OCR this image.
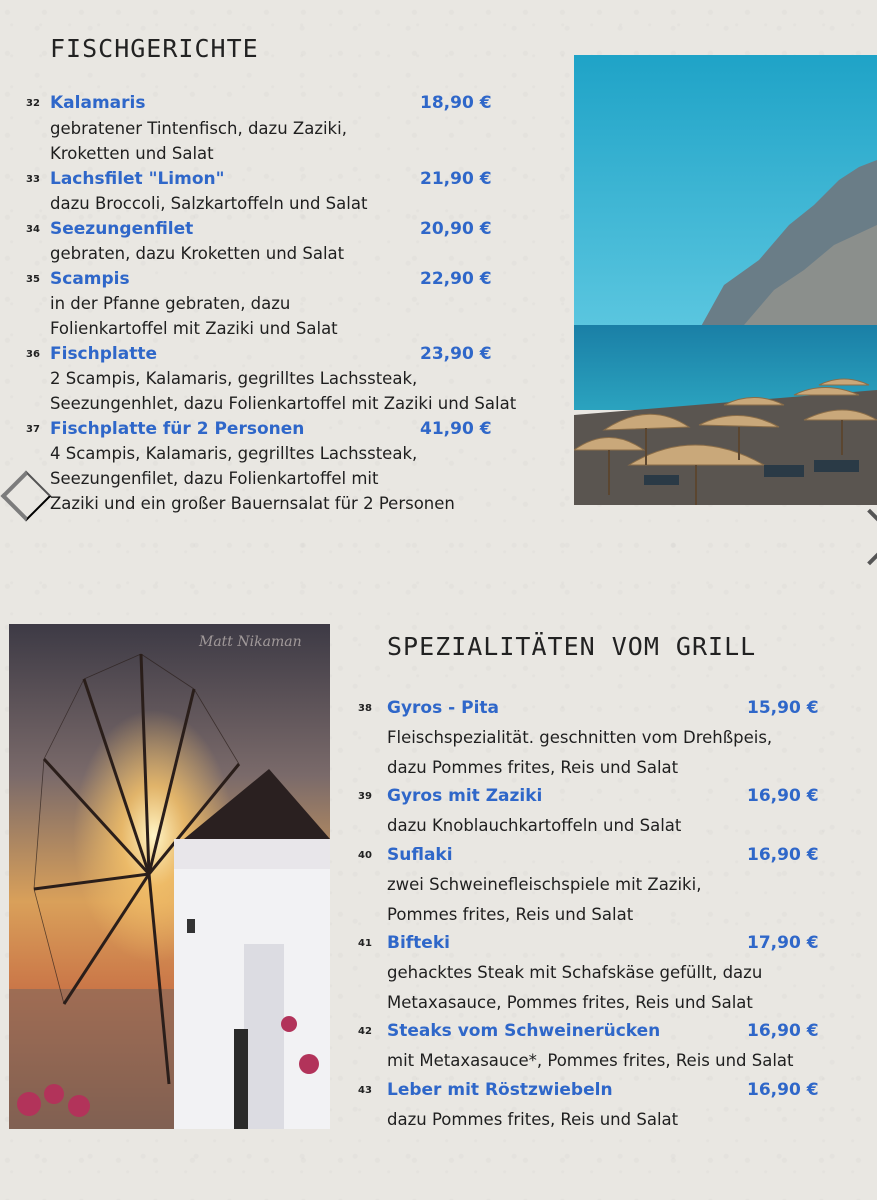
FISCHGERICHTE
32 Kalamaris	18,90 €
gebratener Tintenfisch, dazu Zaziki,
Kroketten und Salat
33 Lachsfilet "Limon"	21,90 €
dazu Broccoli, Salzkartoffeln und Salat
34 Seezungenfilet	20,90 €
gebraten, dazu Kroketten und Salat
35 Scampis	22,90 €
in der Pfanne gebraten, dazu
Folienkartoffel mit Zaziki und Salat
36 Fischplatte	23,90 €
2 Scampis, Kalamaris, gegrilltes Lachssteak,
Seezungenhlet, dazu Folienkartoffel mit Zaziki und Salat
37 Fischplatte für 2 Personen	41,90 €
4 Scampis, Kalamaris, gegrilltes Lachssteak,
Seezungenfilet, dazu Folienkartoffel mit
Zaziki und ein großer Bauernsalat für 2 Personen
Matt Nikaman	SPEZIALITÄTEN VOM GRILL
38 Gyros - Pita	15,90 €
Fleischspezialität. geschnitten vom Drehßpeis,
dazu Pommes frites, Reis und Salat
39 Gyros mit Zaziki	16,90 €
dazu Knoblauchkartoffeln und Salat
40 Suflaki	16,90 €
zwei Schweinefleischspiele mit Zaziki,
Pommes frites, Reis und Salat
41 Bifteki	17,90 €
gehacktes Steak mit Schafskäse gefüllt, dazu
Metaxasauce, Pommes frites, Reis und Salat
42 Steaks vom Schweinerücken	16,90 €
mit Metaxasauce*, Pommes frites, Reis und Salat
43 Leber mit Röstzwiebeln	16,90 €
dazu Pommes frites, Reis und Salat
